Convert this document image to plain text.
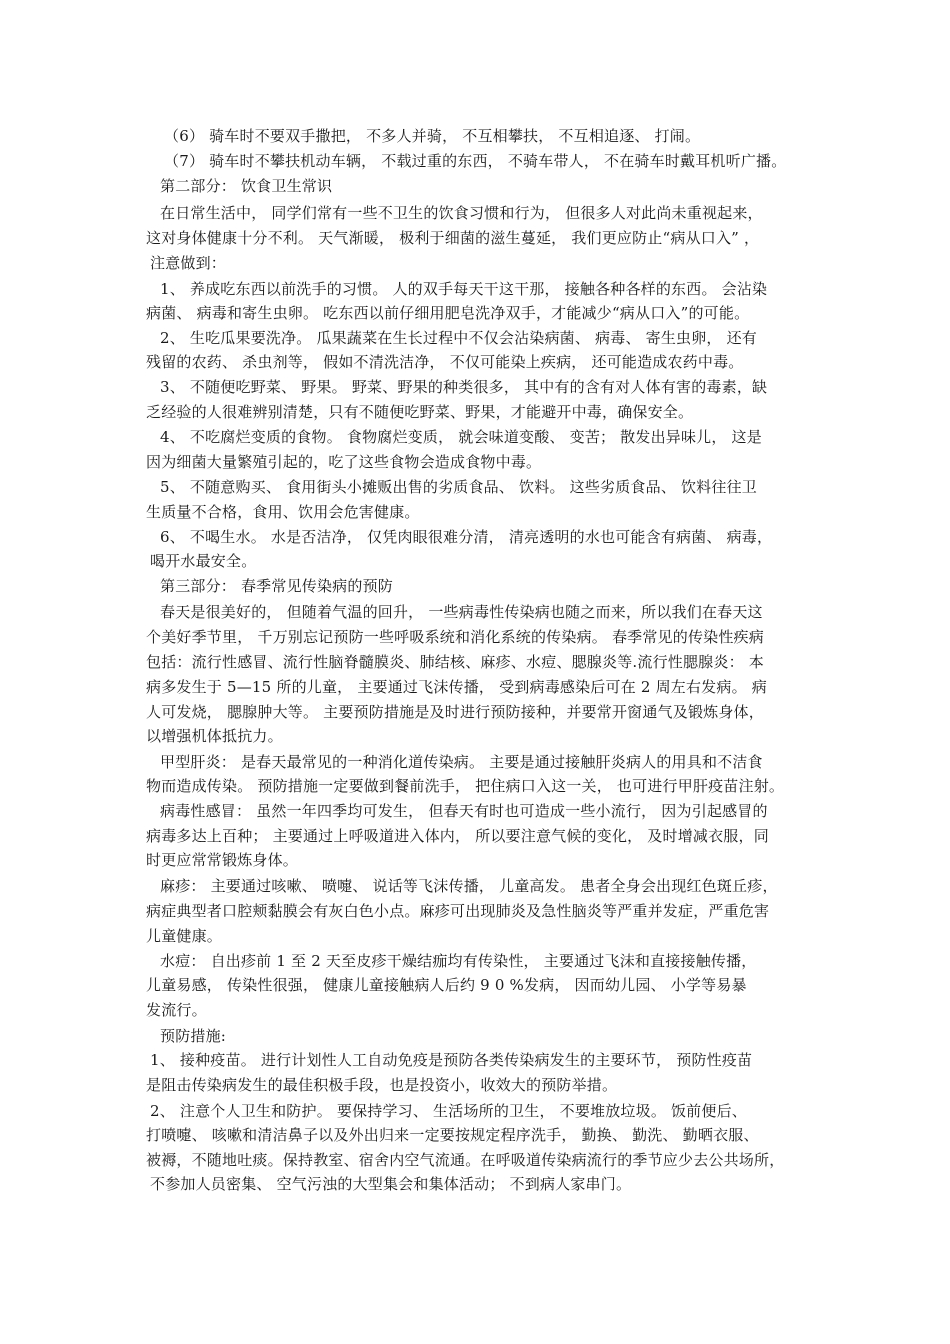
（6） 骑车时不要双手撒把， 不多人并骑， 不互相攀扶， 不互相追逐、 打闹。
（7） 骑车时不攀扶机动车辆， 不载过重的东西， 不骑车带人， 不在骑车时戴耳机听广播。
第二部分： 饮食卫生常识
在日常生活中， 同学们常有一些不卫生的饮食习惯和行为， 但很多人对此尚未重视起来，
这对身体健康十分不利。 天气渐暖， 极利于细菌的滋生蔓延， 我们更应防止“病从口入” ，
注意做到：
1、 养成吃东西以前洗手的习惯。 人的双手每天干这干那， 接触各种各样的东西。 会沾染
病菌、 病毒和寄生虫卵。 吃东西以前仔细用肥皂洗净双手，才能减少“病从口入”的可能。
2、 生吃瓜果要洗净。 瓜果蔬菜在生长过程中不仅会沾染病菌、 病毒、 寄生虫卵， 还有
残留的农药、 杀虫剂等， 假如不清洗洁净， 不仅可能染上疾病， 还可能造成农药中毒。
3、 不随便吃野菜、 野果。 野菜、野果的种类很多， 其中有的含有对人体有害的毒素，缺
乏经验的人很难辨别清楚，只有不随便吃野菜、野果，才能避开中毒，确保安全。
4、 不吃腐烂变质的食物。 食物腐烂变质， 就会味道变酸、 变苦； 散发出异味儿， 这是
因为细菌大量繁殖引起的，吃了这些食物会造成食物中毒。
5、 不随意购买、 食用街头小摊贩出售的劣质食品、 饮料。 这些劣质食品、 饮料往往卫
生质量不合格，食用、饮用会危害健康。
6、 不喝生水。 水是否洁净， 仅凭肉眼很难分清， 清亮透明的水也可能含有病菌、 病毒，
喝开水最安全。
第三部分： 春季常见传染病的预防
春天是很美好的， 但随着气温的回升， 一些病毒性传染病也随之而来，所以我们在春天这
个美好季节里， 千万别忘记预防一些呼吸系统和消化系统的传染病。 春季常见的传染性疾病
包括：流行性感冒、流行性脑脊髓膜炎、肺结核、麻疹、水痘、腮腺炎等.流行性腮腺炎： 本
病多发生于 5—15 所的儿童， 主要通过飞沫传播， 受到病毒感染后可在 2 周左右发病。 病
人可发烧， 腮腺肿大等。 主要预防措施是及时进行预防接种，并要常开窗通气及锻炼身体，
以增强机体抵抗力。
甲型肝炎： 是春天最常见的一种消化道传染病。 主要是通过接触肝炎病人的用具和不洁食
物而造成传染。 预防措施一定要做到餐前洗手， 把住病口入这一关， 也可进行甲肝疫苗注射。
病毒性感冒： 虽然一年四季均可发生， 但春天有时也可造成一些小流行， 因为引起感冒的
病毒多达上百种； 主要通过上呼吸道进入体内， 所以要注意气候的变化， 及时增减衣服，同
时更应常常锻炼身体。
麻疹： 主要通过咳嗽、 喷嚏、 说话等飞沫传播， 儿童高发。 患者全身会出现红色斑丘疹，
病症典型者口腔颊黏膜会有灰白色小点。麻疹可出现肺炎及急性脑炎等严重并发症，严重危害
儿童健康。
水痘： 自出疹前 1 至 2 天至皮疹干燥结痂均有传染性， 主要通过飞沫和直接接触传播，
儿童易感， 传染性很强， 健康儿童接触病人后约 9 0 %发病， 因而幼儿园、 小学等易暴
发流行。
预防措施:
1、 接种疫苗。 进行计划性人工自动免疫是预防各类传染病发生的主要环节， 预防性疫苗
是阻击传染病发生的最佳积极手段，也是投资小，收效大的预防举措。
2、 注意个人卫生和防护。 要保持学习、 生活场所的卫生， 不要堆放垃圾。 饭前便后、
打喷嚏、 咳嗽和清洁鼻子以及外出归来一定要按规定程序洗手， 勤换、 勤洗、 勤晒衣服、
被褥，不随地吐痰。保持教室、宿舍内空气流通。在呼吸道传染病流行的季节应少去公共场所，
不参加人员密集、 空气污浊的大型集会和集体活动； 不到病人家串门。
